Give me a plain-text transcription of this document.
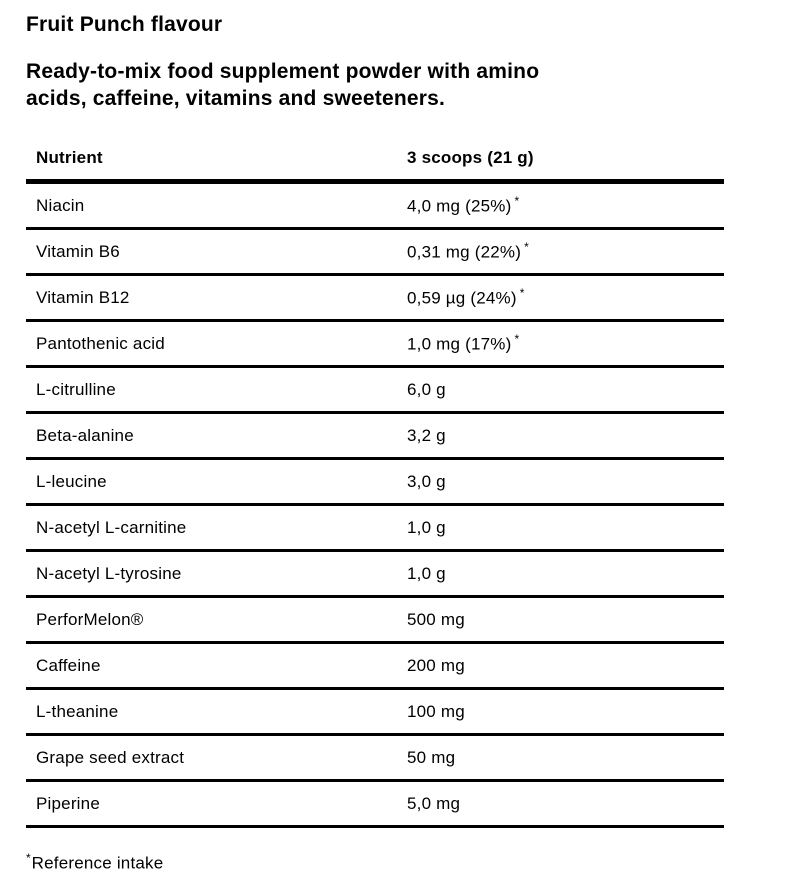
Fruit Punch flavour

Ready-to-mix food supplement powder with amino
acids, caffeine, vitamins and sweeteners.

Nutrient	3 scoops (21 g)
Niacin	4,0 mg (25%) *
Vitamin B6	0,31 mg (22%) *
Vitamin B12	0,59 µg (24%) *
Pantothenic acid	1,0 mg (17%) *
L-citrulline	6,0 g
Beta-alanine	3,2 g
L-leucine	3,0 g
N-acetyl L-carnitine	1,0 g
N-acetyl L-tyrosine	1,0 g
PerforMelon®	500 mg
Caffeine	200 mg
L-theanine	100 mg
Grape seed extract	50 mg
Piperine	5,0 mg

*Reference intake
